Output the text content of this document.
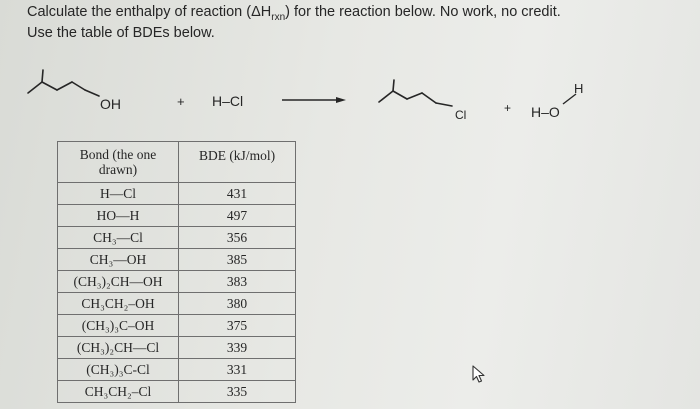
Calculate the enthalpy of reaction $(\Delta H_{rxn})$ for the reaction below. No work, no credit.
Use the table of BDEs below.
OH	+ H–Cl
Cl	+ H–O
H
Bond (the one
drawn)	BDE (kJ/mol)
H—Cl	431
HO—H	497
CH₃—Cl	356
CH₃—OH	385
(CH₃)₂CH—OH	383
CH₃CH₂–OH	380
(CH₃)₃C–OH	375
(CH₃)₂CH—Cl	339
(CH₃)₃C-Cl	331
CH₃CH₂–Cl	335
